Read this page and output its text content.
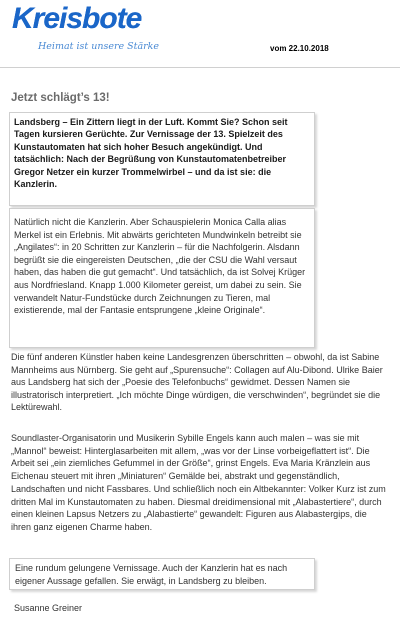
Kreisbote
Heimat ist unsere Stärke	vom 22.10.2018
Jetzt schlägt’s 13!

Landsberg – Ein Zittern liegt in der Luft. Kommt Sie? Schon seit Tagen kursieren Gerüchte. Zur Vernissage der 13. Spielzeit des Kunstautomaten hat sich hoher Besuch angekündigt. Und tatsächlich: Nach der Begrüßung von Kunstautomatenbetreiber Gregor Netzer ein kurzer Trommelwirbel – und da ist sie: die Kanzlerin.

Natürlich nicht die Kanzlerin. Aber Schauspielerin Monica Calla alias Merkel ist ein Erlebnis. Mit abwärts gerichteten Mundwinkeln betreibt sie „Angilates“: in 20 Schritten zur Kanzlerin – für die Nachfolgerin. Alsdann begrüßt sie die eingereisten Deutschen, „die der CSU die Wahl versaut haben, das haben die gut gemacht“. Und tatsächlich, da ist Solvej Krüger aus Nordfriesland. Knapp 1.000 Kilometer gereist, um dabei zu sein. Sie verwandelt Natur-Fundstücke durch Zeichnungen zu Tieren, mal existierende, mal der Fantasie entsprungene „kleine Originale“.

Die fünf anderen Künstler haben keine Landesgrenzen überschritten – obwohl, da ist Sabine Mannheims aus Nürnberg. Sie geht auf „Spurensuche“: Collagen auf Alu-Dibond. Ulrike Baier aus Landsberg hat sich der „Poesie des Telefonbuchs“ gewidmet. Dessen Namen sie illustratorisch interpretiert. „Ich möchte Dinge würdigen, die verschwinden“, begründet sie die Lektürewahl.

Soundlaster-Organisatorin und Musikerin Sybille Engels kann auch malen – was sie mit „Mannol“ beweist: Hinterglasarbeiten mit allem, „was vor der Linse vorbeigeflattert ist“. Die Arbeit sei „ein ziemliches Gefummel in der Größe“, grinst Engels. Eva Maria Kränzlein aus Eichenau steuert mit ihren „Miniaturen“ Gemälde bei, abstrakt und gegenständlich, Landschaften und nicht Fassbares. Und schließlich noch ein Altbekannter: Volker Kurz ist zum dritten Mal im Kunstautomaten zu haben. Diesmal dreidimensional mit „Alabastertiere“, durch einen kleinen Lapsus Netzers zu „Alabastierte“ gewandelt: Figuren aus Alabastergips, die ihren ganz eigenen Charme haben.

Eine rundum gelungene Vernissage. Auch der Kanzlerin hat es nach eigener Aussage gefallen. Sie erwägt, in Landsberg zu bleiben.

Susanne Greiner
